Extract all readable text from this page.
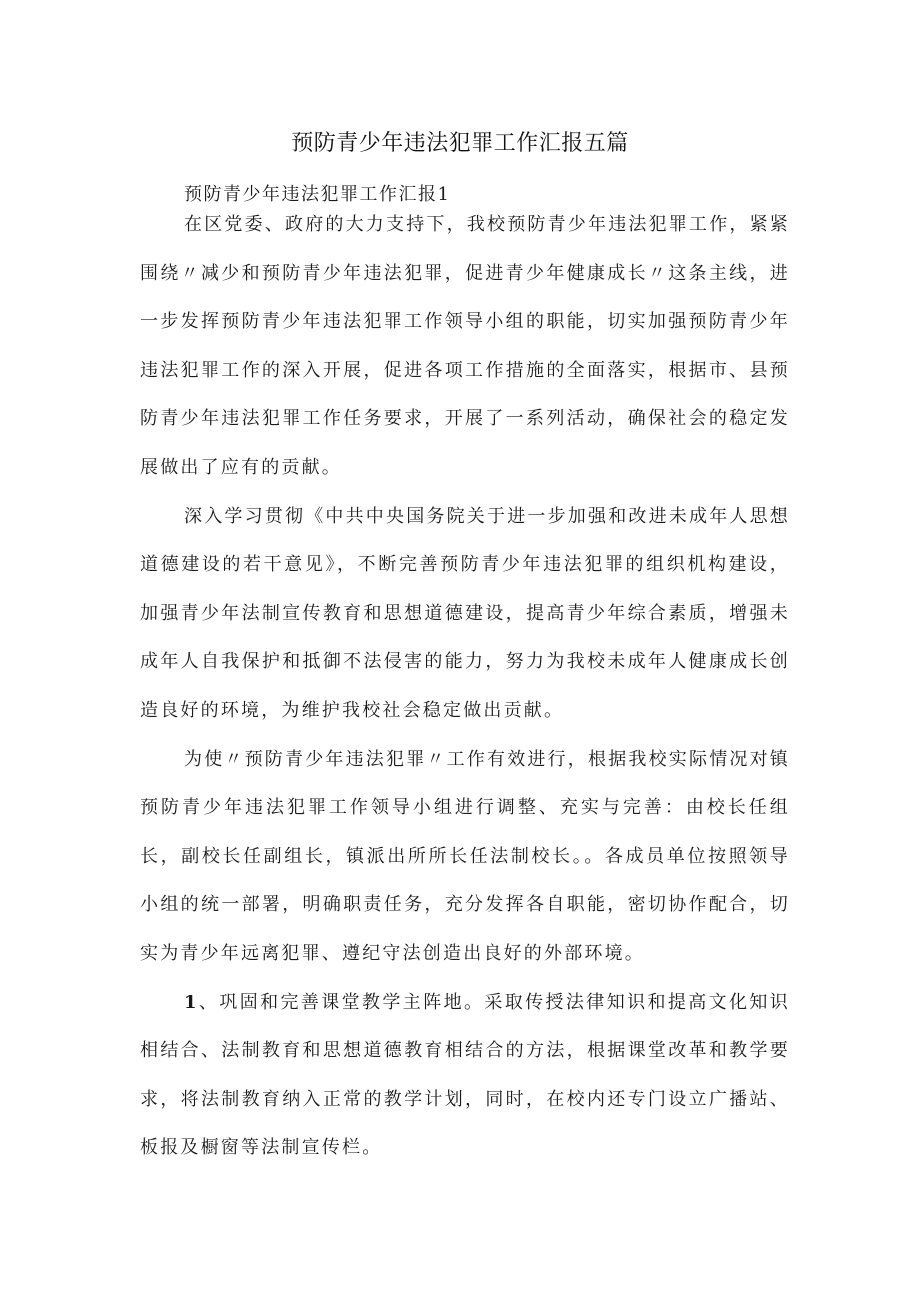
预防青少年违法犯罪工作汇报五篇
预防青少年违法犯罪工作汇报1

在区党委、政府的大力支持下，我校预防青少年违法犯罪工作，紧紧围绕〃减少和预防青少年违法犯罪，促进青少年健康成长〃这条主线，进一步发挥预防青少年违法犯罪工作领导小组的职能，切实加强预防青少年违法犯罪工作的深入开展，促进各项工作措施的全面落实，根据市、县预防青少年违法犯罪工作任务要求，开展了一系列活动，确保社会的稳定发展做出了应有的贡献。

深入学习贯彻《中共中央国务院关于进一步加强和改进未成年人思想道德建设的若干意见》，不断完善预防青少年违法犯罪的组织机构建设，加强青少年法制宣传教育和思想道德建设，提高青少年综合素质，增强未成年人自我保护和抵御不法侵害的能力，努力为我校未成年人健康成长创造良好的环境，为维护我校社会稳定做出贡献。

为使〃预防青少年违法犯罪〃工作有效进行，根据我校实际情况对镇预防青少年违法犯罪工作领导小组进行调整、充实与完善：由校长任组长，副校长任副组长，镇派出所所长任法制校长。。各成员单位按照领导小组的统一部署，明确职责任务，充分发挥各自职能，密切协作配合，切实为青少年远离犯罪、遵纪守法创造出良好的外部环境。

1、巩固和完善课堂教学主阵地。采取传授法律知识和提高文化知识相结合、法制教育和思想道德教育相结合的方法，根据课堂改革和教学要求，将法制教育纳入正常的教学计划，同时，在校内还专门设立广播站、板报及橱窗等法制宣传栏。
